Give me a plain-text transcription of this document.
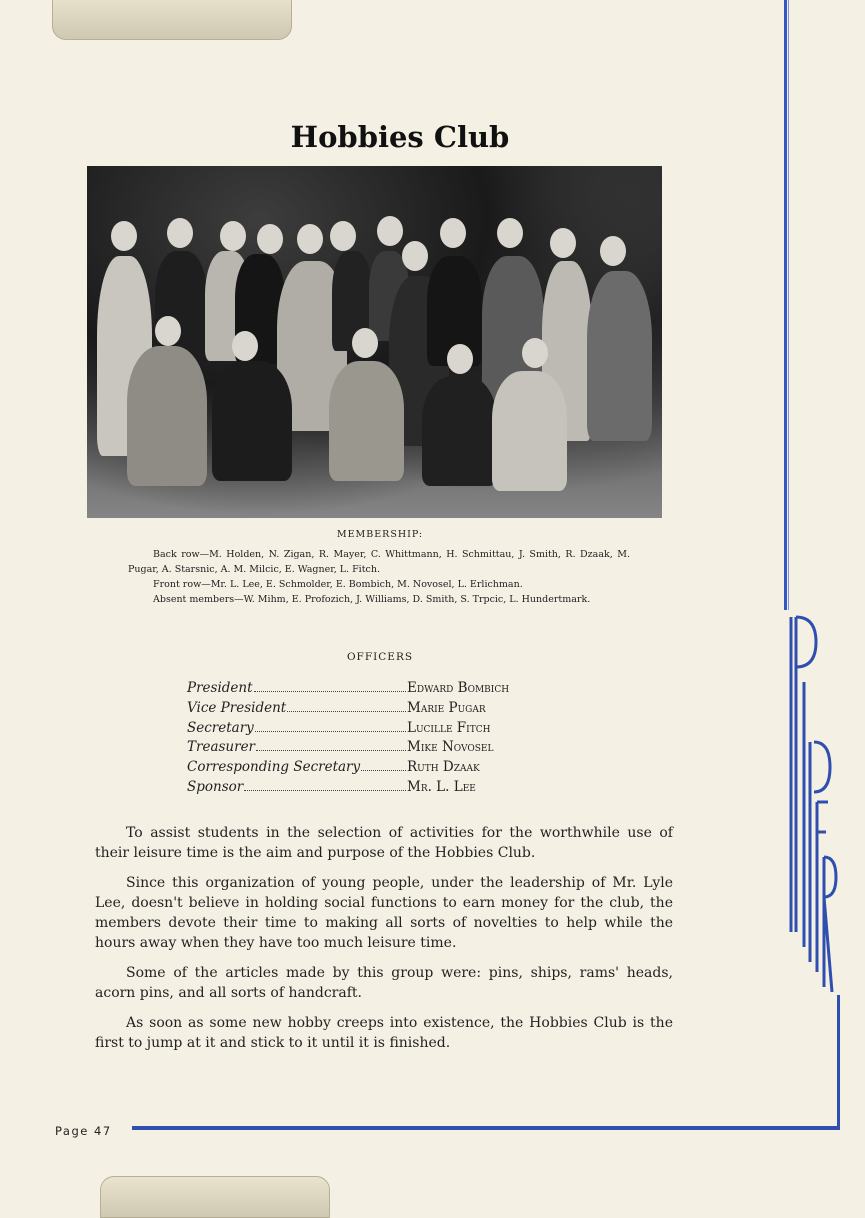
Hobbies Club
MEMBERSHIP:

Back row—M. Holden, N. Zigan, R. Mayer, C. Whittmann, H. Schmittau, J. Smith, R. Dzaak, M. Pugar, A. Starsnic, A. M. Milcic, E. Wagner, L. Fitch.

Front row—Mr. L. Lee, E. Schmolder, E. Bombich, M. Novosel, L. Erlichman.

Absent members—W. Mihm, E. Profozich, J. Williams, D. Smith, S. Trpcic, L. Hundertmark.

OFFICERS
President	Edward Bombich
Vice President	Marie Pugar
Secretary	Lucille Fitch
Treasurer	Mike Novosel
Corresponding Secretary	Ruth Dzaak
Sponsor	Mr. L. Lee

To assist students in the selection of activities for the worthwhile use of their leisure time is the aim and purpose of the Hobbies Club.

Since this organization of young people, under the leadership of Mr. Lyle Lee, doesn't believe in holding social functions to earn money for the club, the members devote their time to making all sorts of novelties to help while the hours away when they have too much leisure time.

Some of the articles made by this group were: pins, ships, rams' heads, acorn pins, and all sorts of handcraft.

As soon as some new hobby creeps into existence, the Hobbies Club is the first to jump at it and stick to it until it is finished.

Page 47
PIPER
